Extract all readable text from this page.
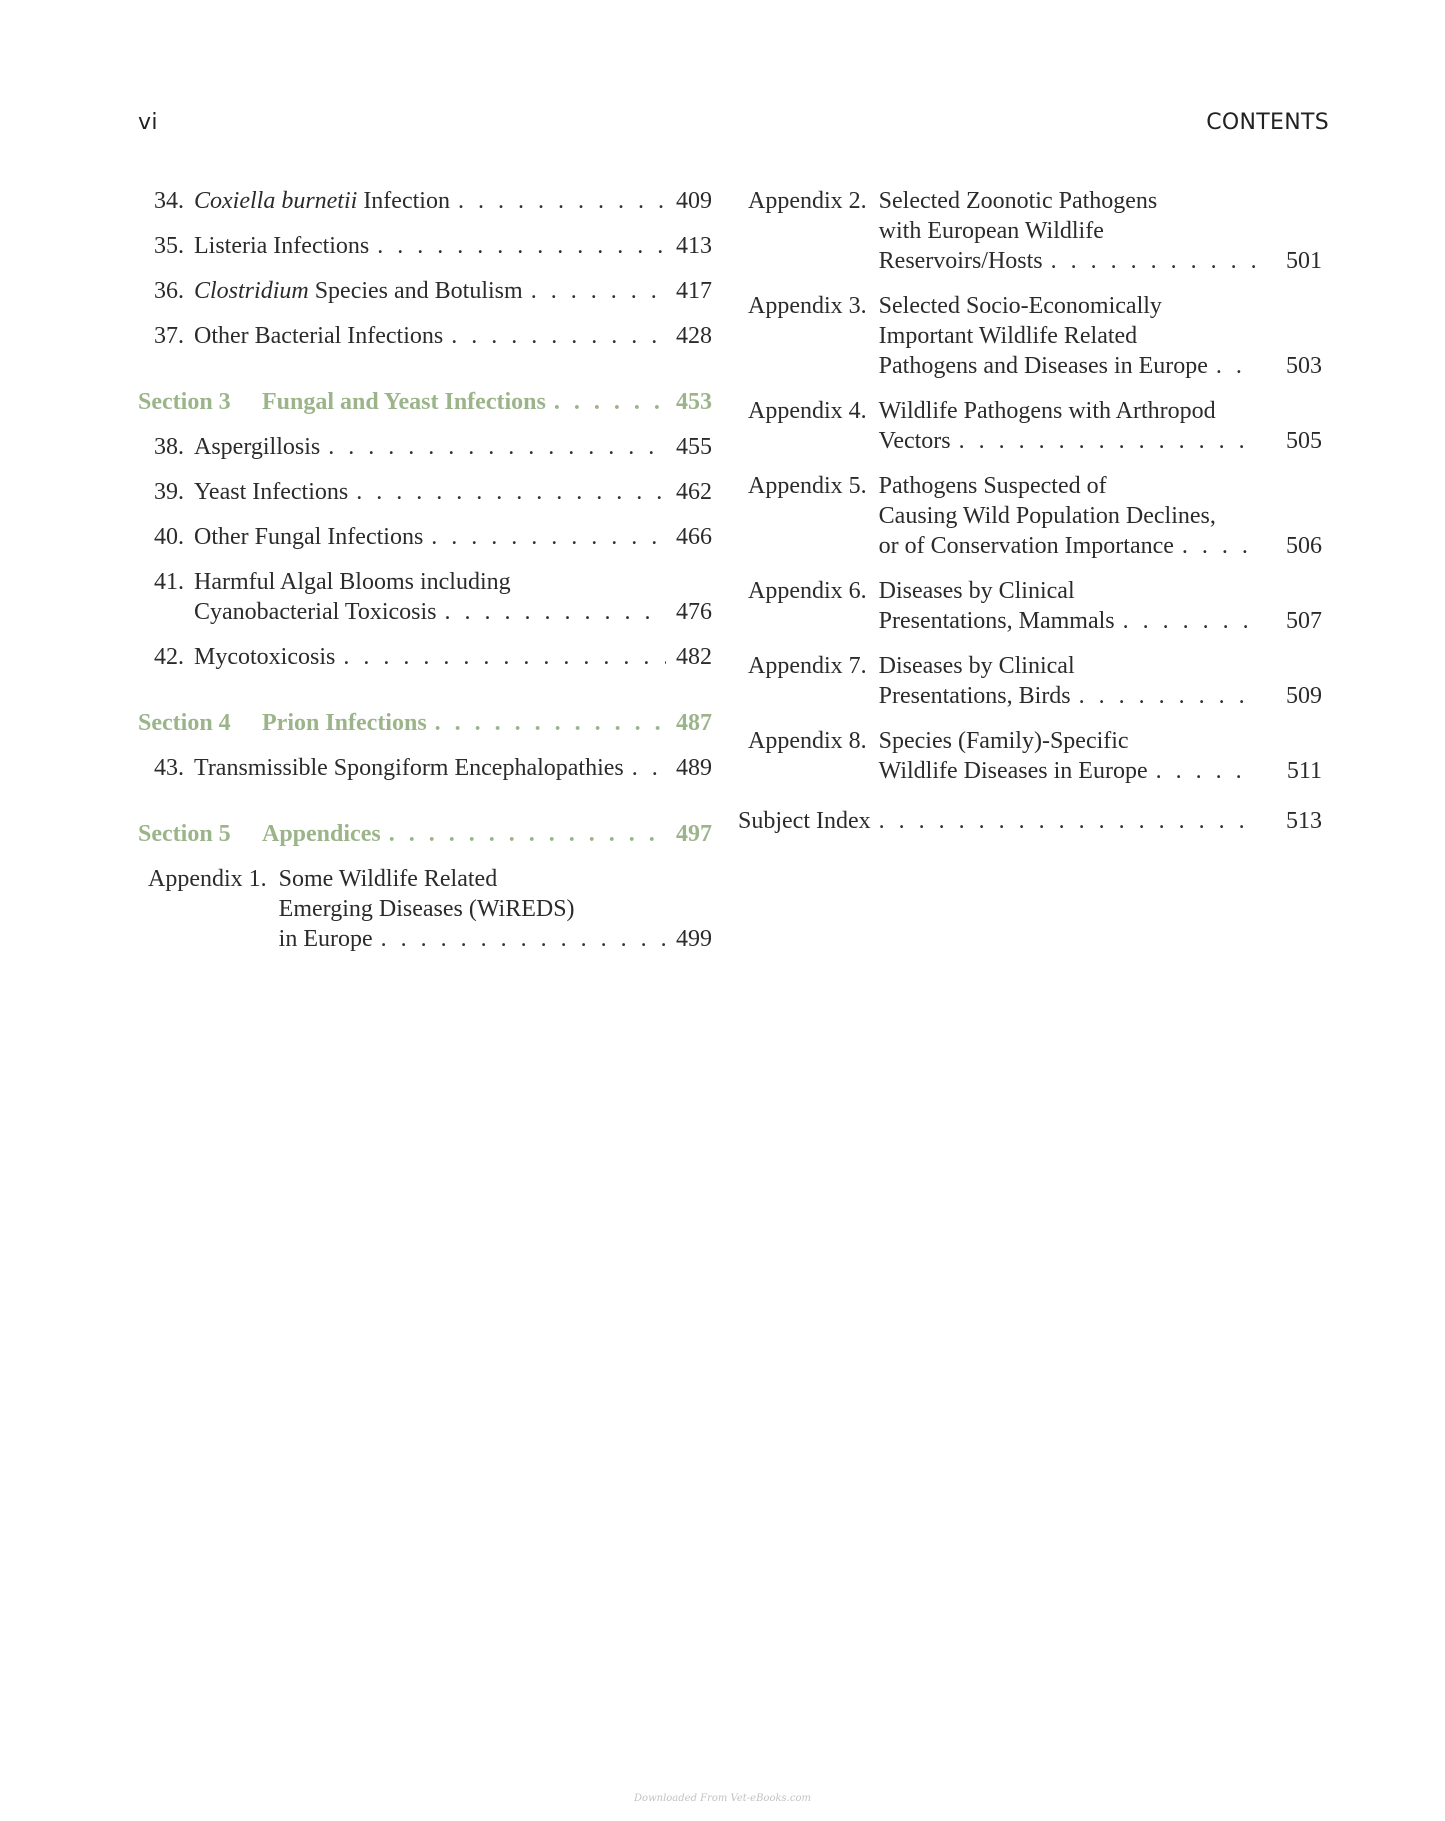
vi	CONTENTS
34. Coxiella burnetii Infection . . .	409
35. Listeria Infections . . .	413
36. Clostridium Species and Botulism . . .	417
37. Other Bacterial Infections . . .	428
Section 3	Fungal and Yeast Infections . . .	453
38. Aspergillosis . . .	455
39. Yeast Infections . . .	462
40. Other Fungal Infections . . .	466
41. Harmful Algal Blooms including
Cyanobacterial Toxicosis . . .	476
42. Mycotoxicosis . . .	482
Section 4	Prion Infections . . .	487
43. Transmissible Spongiform Encephalopathies . . . 489
Section 5	Appendices . . .	497
Appendix 1. Some Wildlife Related
Emerging Diseases (WiREDS)
in Europe . . .	499
Appendix 2. Selected Zoonotic Pathogens
with European Wildlife
Reservoirs/Hosts . . .	501
Appendix 3. Selected Socio-Economically
Important Wildlife Related
Pathogens and Diseases in Europe . . .	503
Appendix 4. Wildlife Pathogens with Arthropod
Vectors . . .	505
Appendix 5. Pathogens Suspected of
Causing Wild Population Declines,
or of Conservation Importance . . .	506
Appendix 6. Diseases by Clinical
Presentations, Mammals . . .	507
Appendix 7. Diseases by Clinical
Presentations, Birds . . .	509
Appendix 8. Species (Family)-Specific
Wildlife Diseases in Europe . . .	511
Subject Index . . .	513
Downloaded From Vet-eBooks.com
